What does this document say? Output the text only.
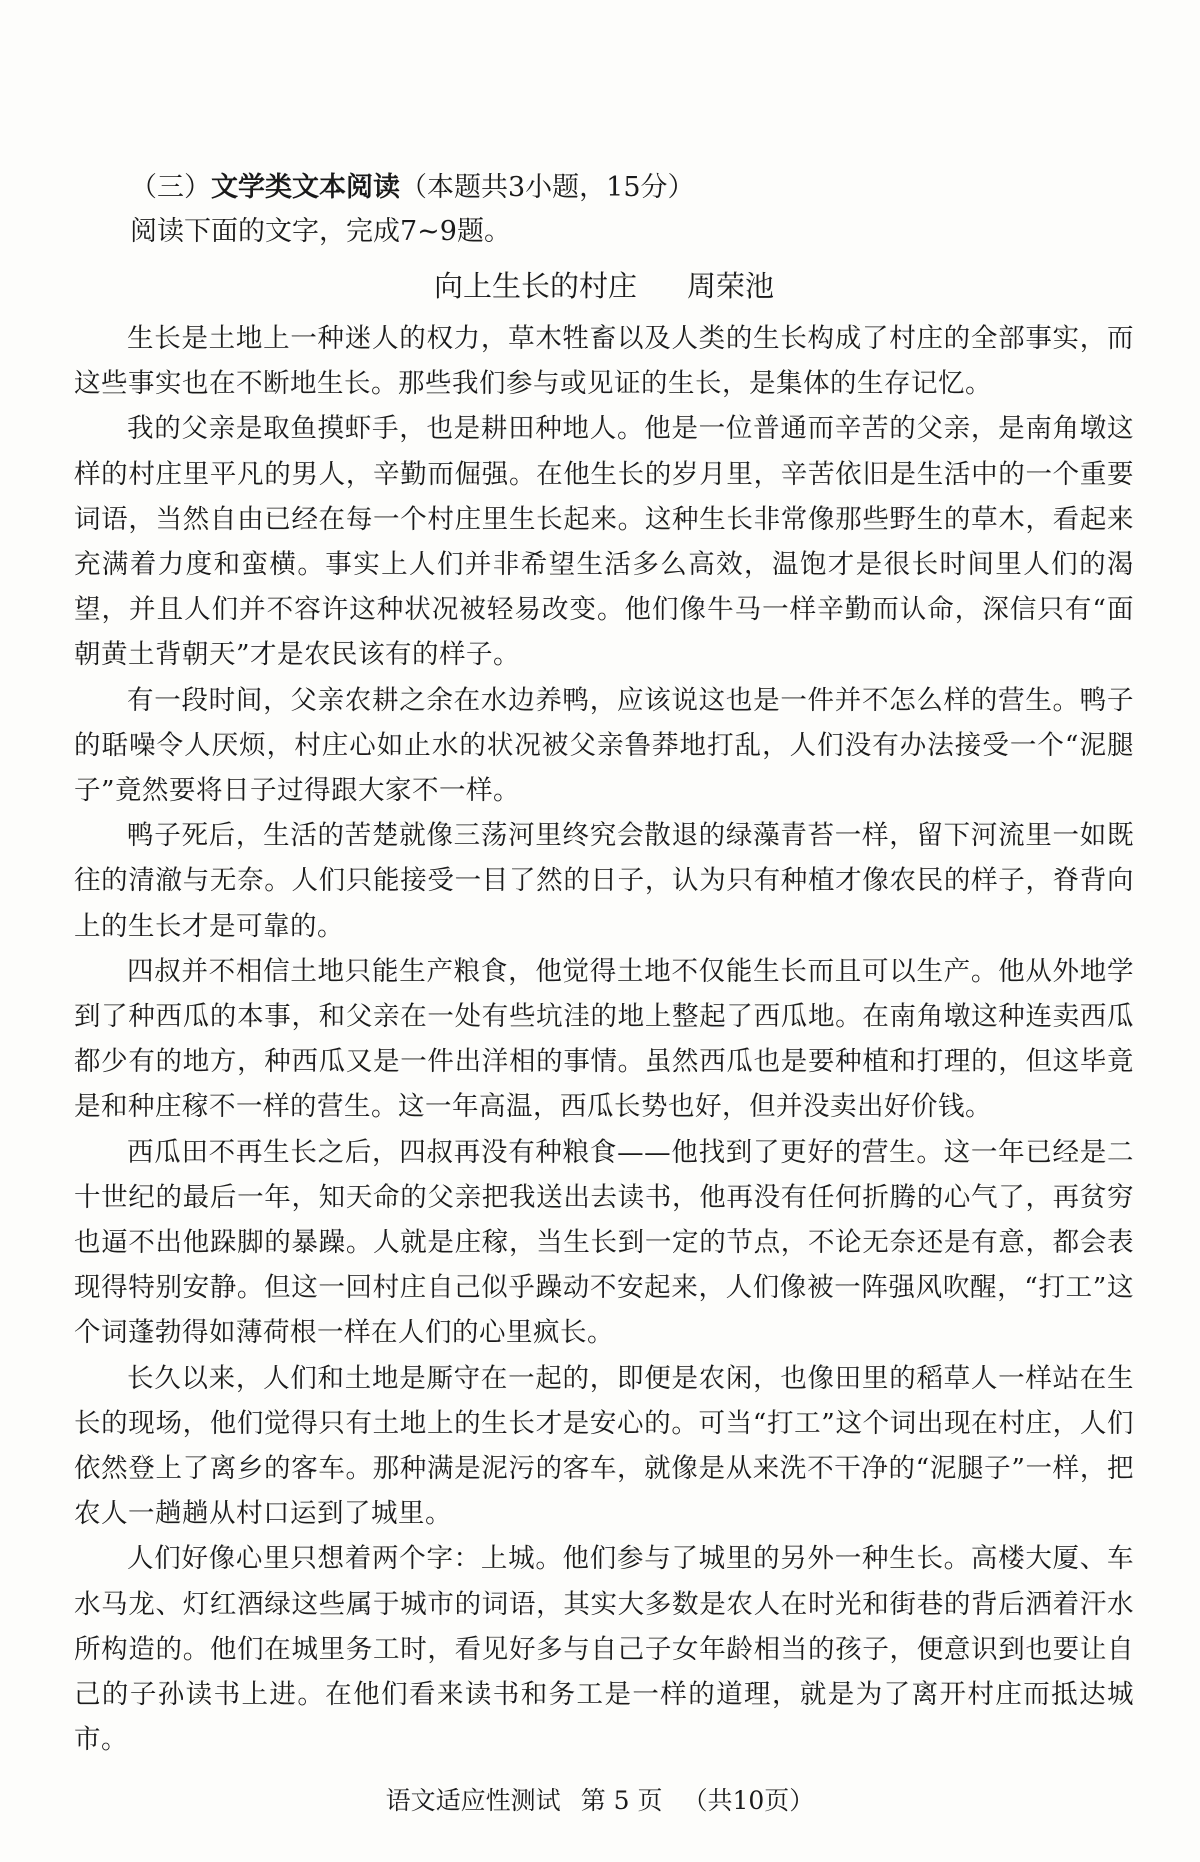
（三）文学类文本阅读（本题共3小题，15分）

阅读下面的文字，完成7~9题。

向上生长的村庄 周荣池

生长是土地上一种迷人的权力，草木牲畜以及人类的生长构成了村庄的全部事实，而这些事实也在不断地生长。那些我们参与或见证的生长，是集体的生存记忆。

我的父亲是取鱼摸虾手，也是耕田种地人。他是一位普通而辛苦的父亲，是南角墩这样的村庄里平凡的男人，辛勤而倔强。在他生长的岁月里，辛苦依旧是生活中的一个重要词语，当然自由已经在每一个村庄里生长起来。这种生长非常像那些野生的草木，看起来充满着力度和蛮横。事实上人们并非希望生活多么高效，温饱才是很长时间里人们的渴望，并且人们并不容许这种状况被轻易改变。他们像牛马一样辛勤而认命，深信只有“面朝黄土背朝天”才是农民该有的样子。

有一段时间，父亲农耕之余在水边养鸭，应该说这也是一件并不怎么样的营生。鸭子的聒噪令人厌烦，村庄心如止水的状况被父亲鲁莽地打乱，人们没有办法接受一个“泥腿子”竟然要将日子过得跟大家不一样。

鸭子死后，生活的苦楚就像三荡河里终究会散退的绿藻青苔一样，留下河流里一如既往的清澈与无奈。人们只能接受一目了然的日子，认为只有种植才像农民的样子，脊背向上的生长才是可靠的。

四叔并不相信土地只能生产粮食，他觉得土地不仅能生长而且可以生产。他从外地学到了种西瓜的本事，和父亲在一处有些坑洼的地上整起了西瓜地。在南角墩这种连卖西瓜都少有的地方，种西瓜又是一件出洋相的事情。虽然西瓜也是要种植和打理的，但这毕竟是和种庄稼不一样的营生。这一年高温，西瓜长势也好，但并没卖出好价钱。

西瓜田不再生长之后，四叔再没有种粮食——他找到了更好的营生。这一年已经是二十世纪的最后一年，知天命的父亲把我送出去读书，他再没有任何折腾的心气了，再贫穷也逼不出他跺脚的暴躁。人就是庄稼，当生长到一定的节点，不论无奈还是有意，都会表现得特别安静。但这一回村庄自己似乎躁动不安起来，人们像被一阵强风吹醒，“打工”这个词蓬勃得如薄荷根一样在人们的心里疯长。

长久以来，人们和土地是厮守在一起的，即便是农闲，也像田里的稻草人一样站在生长的现场，他们觉得只有土地上的生长才是安心的。可当“打工”这个词出现在村庄，人们依然登上了离乡的客车。那种满是泥污的客车，就像是从来洗不干净的“泥腿子”一样，把农人一趟趟从村口运到了城里。

人们好像心里只想着两个字：上城。他们参与了城里的另外一种生长。高楼大厦、车水马龙、灯红酒绿这些属于城市的词语，其实大多数是农人在时光和街巷的背后洒着汗水所构造的。他们在城里务工时，看见好多与自己子女年龄相当的孩子，便意识到也要让自己的子孙读书上进。在他们看来读书和务工是一样的道理，就是为了离开村庄而抵达城市。

语文适应性测试 第 5 页 （共10页）
